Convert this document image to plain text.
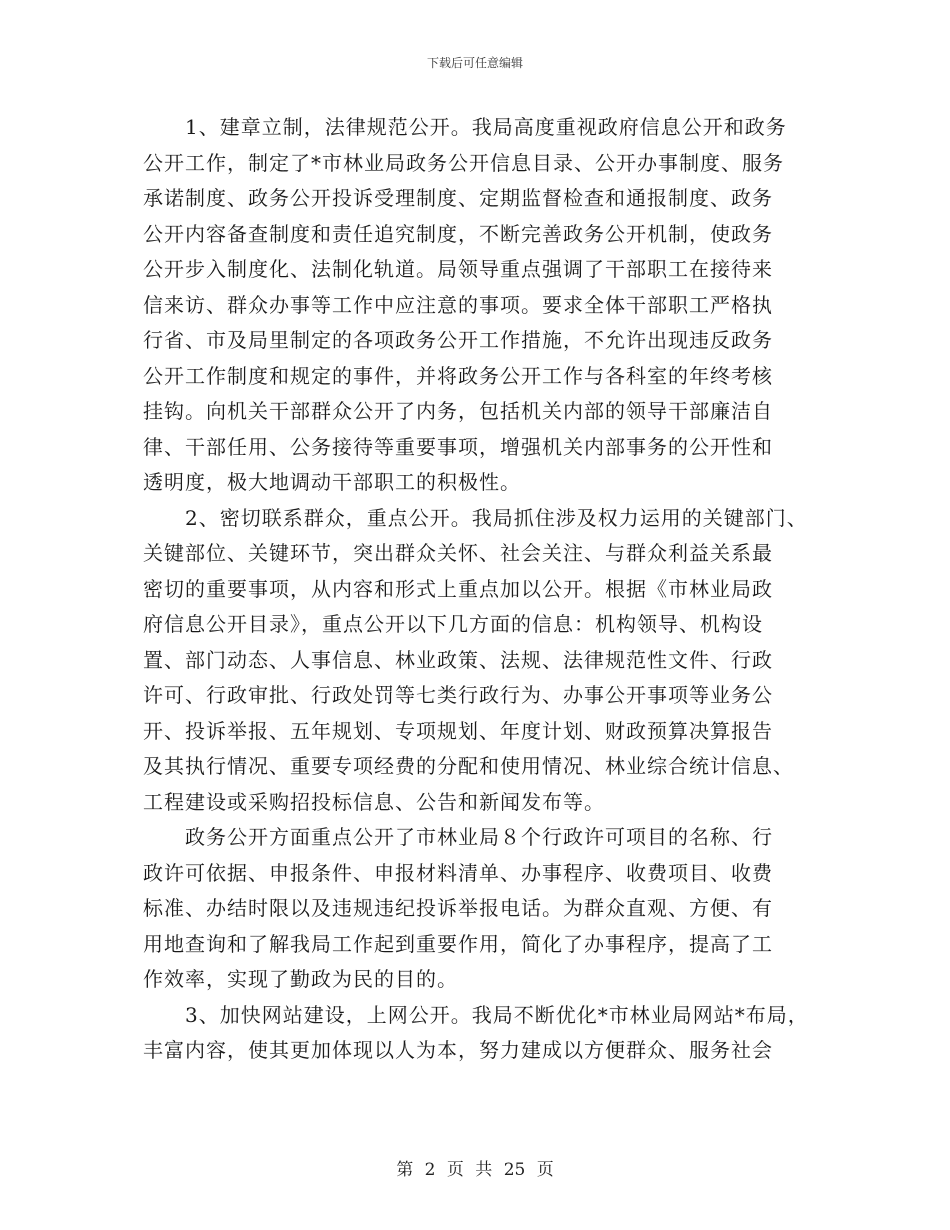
下载后可任意编辑
1、建章立制，法律规范公开。我局高度重视政府信息公开和政务
公开工作，制定了*市林业局政务公开信息目录、公开办事制度、服务
承诺制度、政务公开投诉受理制度、定期监督检查和通报制度、政务
公开内容备查制度和责任追究制度，不断完善政务公开机制，使政务
公开步入制度化、法制化轨道。局领导重点强调了干部职工在接待来
信来访、群众办事等工作中应注意的事项。要求全体干部职工严格执
行省、市及局里制定的各项政务公开工作措施，不允许出现违反政务
公开工作制度和规定的事件，并将政务公开工作与各科室的年终考核
挂钩。向机关干部群众公开了内务，包括机关内部的领导干部廉洁自
律、干部任用、公务接待等重要事项，增强机关内部事务的公开性和
透明度，极大地调动干部职工的积极性。
2、密切联系群众，重点公开。我局抓住涉及权力运用的关键部门、
关键部位、关键环节，突出群众关怀、社会关注、与群众利益关系最
密切的重要事项，从内容和形式上重点加以公开。根据《市林业局政
府信息公开目录》，重点公开以下几方面的信息：机构领导、机构设
置、部门动态、人事信息、林业政策、法规、法律规范性文件、行政
许可、行政审批、行政处罚等七类行政行为、办事公开事项等业务公
开、投诉举报、五年规划、专项规划、年度计划、财政预算决算报告
及其执行情况、重要专项经费的分配和使用情况、林业综合统计信息、
工程建设或采购招投标信息、公告和新闻发布等。
政务公开方面重点公开了市林业局８个行政许可项目的名称、行
政许可依据、申报条件、申报材料清单、办事程序、收费项目、收费
标准、办结时限以及违规违纪投诉举报电话。为群众直观、方便、有
用地查询和了解我局工作起到重要作用，简化了办事程序，提高了工
作效率，实现了勤政为民的目的。
3、加快网站建设，上网公开。我局不断优化*市林业局网站*布局，
丰富内容，使其更加体现以人为本，努力建成以方便群众、服务社会
第 2 页 共 25 页
